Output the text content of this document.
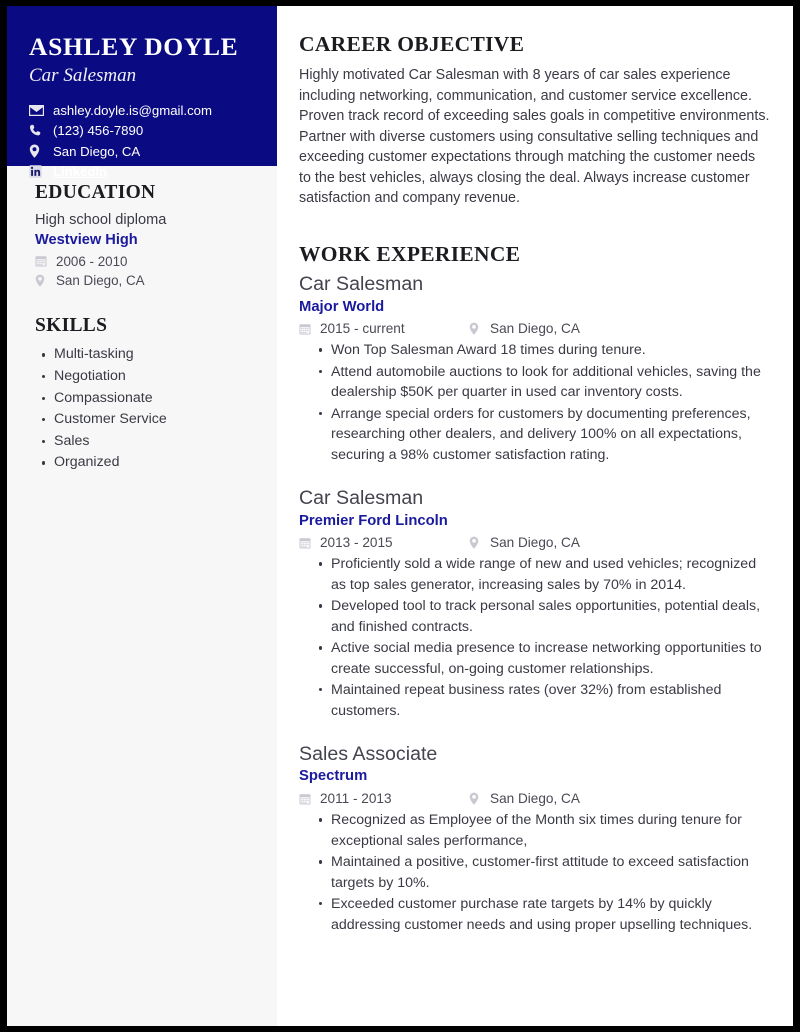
ASHLEY DOYLE
Car Salesman
ashley.doyle.is@gmail.com
(123) 456-7890
San Diego, CA
LinkedIn
EDUCATION
High school diploma
Westview High
2006 - 2010
San Diego, CA
SKILLS
Multi-tasking
Negotiation
Compassionate
Customer Service
Sales
Organized
CAREER OBJECTIVE

Highly motivated Car Salesman with 8 years of car sales experience including networking, communication, and customer service excellence. Proven track record of exceeding sales goals in competitive environments. Partner with diverse customers using consultative selling techniques and exceeding customer expectations through matching the customer needs to the best vehicles, always closing the deal. Always increase customer satisfaction and company revenue.

WORK EXPERIENCE
Car Salesman
Major World
2015 - current	San Diego, CA
Won Top Salesman Award 18 times during tenure.
Attend automobile auctions to look for additional vehicles, saving the dealership $50K per quarter in used car inventory costs.
Arrange special orders for customers by documenting preferences, researching other dealers, and delivery 100% on all expectations, securing a 98% customer satisfaction rating.
Car Salesman
Premier Ford Lincoln
2013 - 2015	San Diego, CA
Proficiently sold a wide range of new and used vehicles; recognized as top sales generator, increasing sales by 70% in 2014.
Developed tool to track personal sales opportunities, potential deals, and finished contracts.
Active social media presence to increase networking opportunities to create successful, on-going customer relationships.
Maintained repeat business rates (over 32%) from established customers.
Sales Associate
Spectrum
2011 - 2013	San Diego, CA
Recognized as Employee of the Month six times during tenure for exceptional sales performance,
Maintained a positive, customer-first attitude to exceed satisfaction targets by 10%.
Exceeded customer purchase rate targets by 14% by quickly addressing customer needs and using proper upselling techniques.
